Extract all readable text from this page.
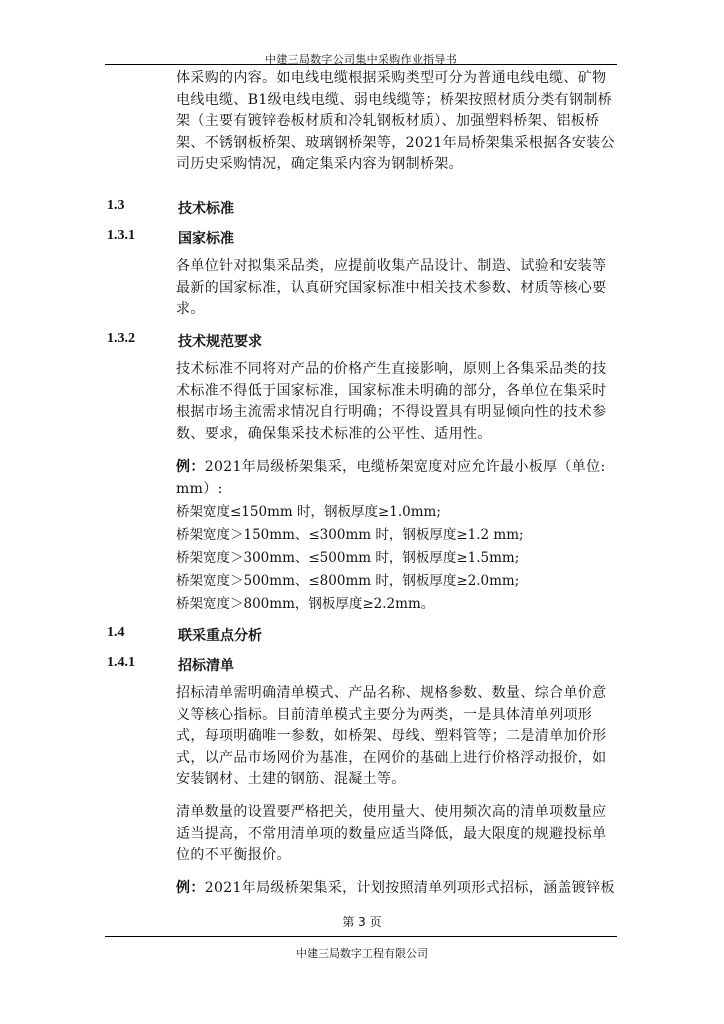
中建三局数字公司集中采购作业指导书
体采购的内容。如电线电缆根据采购类型可分为普通电线电缆、矿物
电线电缆、B1级电线电缆、弱电线缆等；桥架按照材质分类有钢制桥
架（主要有镀锌卷板材质和冷轧钢板材质）、加强塑料桥架、铝板桥
架、不锈钢板桥架、玻璃钢桥架等，2021年局桥架集采根据各安装公
司历史采购情况，确定集采内容为钢制桥架。
1.3	技术标准
1.3.1	国家标准
各单位针对拟集采品类，应提前收集产品设计、制造、试验和安装等
最新的国家标准，认真研究国家标准中相关技术参数、材质等核心要
求。
1.3.2	技术规范要求
技术标准不同将对产品的价格产生直接影响，原则上各集采品类的技
术标准不得低于国家标准，国家标准未明确的部分，各单位在集采时
根据市场主流需求情况自行明确；不得设置具有明显倾向性的技术参
数、要求，确保集采技术标准的公平性、适用性。
例：2021年局级桥架集采，电缆桥架宽度对应允许最小板厚（单位:
mm）:
桥架宽度≤150mm 时，钢板厚度≥1.0mm;
桥架宽度＞150mm、≤300mm 时，钢板厚度≥1.2 mm;
桥架宽度＞300mm、≤500mm 时，钢板厚度≥1.5mm;
桥架宽度＞500mm、≤800mm 时，钢板厚度≥2.0mm;
桥架宽度＞800mm，钢板厚度≥2.2mm。
1.4	联采重点分析
1.4.1	招标清单
招标清单需明确清单模式、产品名称、规格参数、数量、综合单价意
义等核心指标。目前清单模式主要分为两类，一是具体清单列项形
式，每项明确唯一参数，如桥架、母线、塑料管等；二是清单加价形
式，以产品市场网价为基准，在网价的基础上进行价格浮动报价，如
安装钢材、土建的钢筋、混凝土等。
清单数量的设置要严格把关，使用量大、使用频次高的清单项数量应
适当提高，不常用清单项的数量应适当降低，最大限度的规避投标单
位的不平衡报价。
例：2021年局级桥架集采，计划按照清单列项形式招标，涵盖镀锌板
第 3 页
中建三局数字工程有限公司
